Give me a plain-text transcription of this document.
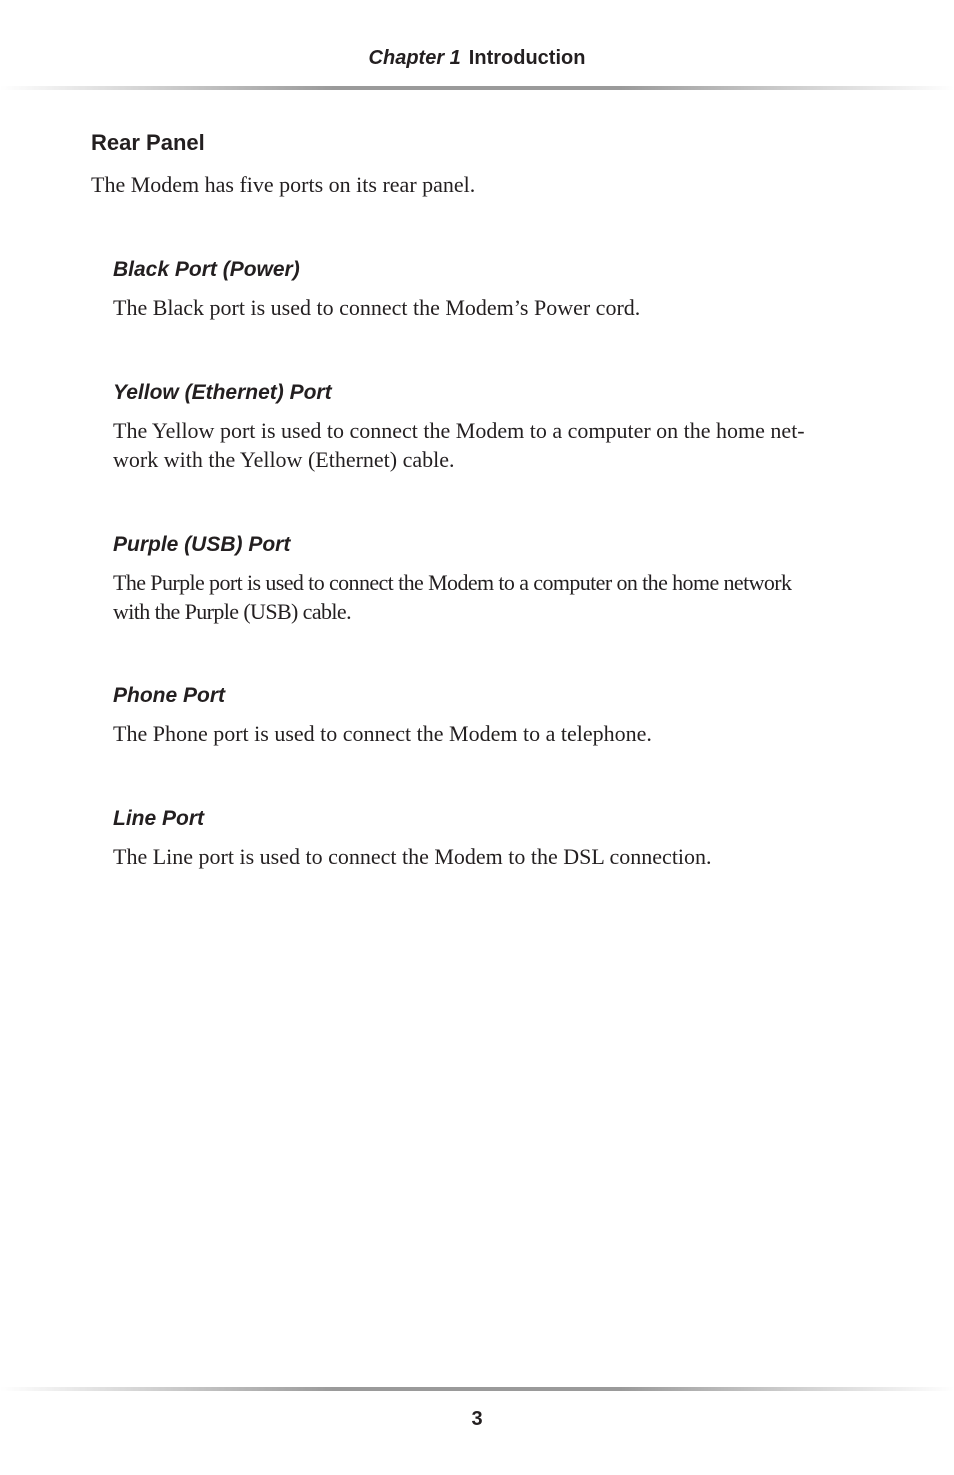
Chapter 1 Introduction
Rear Panel

The Modem has five ports on its rear panel.

Black Port (Power)

The Black port is used to connect the Modem’s Power cord.

Yellow (Ethernet) Port

The Yellow port is used to connect the Modem to a computer on the home net-
work with the Yellow (Ethernet) cable.

Purple (USB) Port

The Purple port is used to connect the Modem to a computer on the home network
with the Purple (USB) cable.

Phone Port

The Phone port is used to connect the Modem to a telephone.

Line Port

The Line port is used to connect the Modem to the DSL connection.

3
